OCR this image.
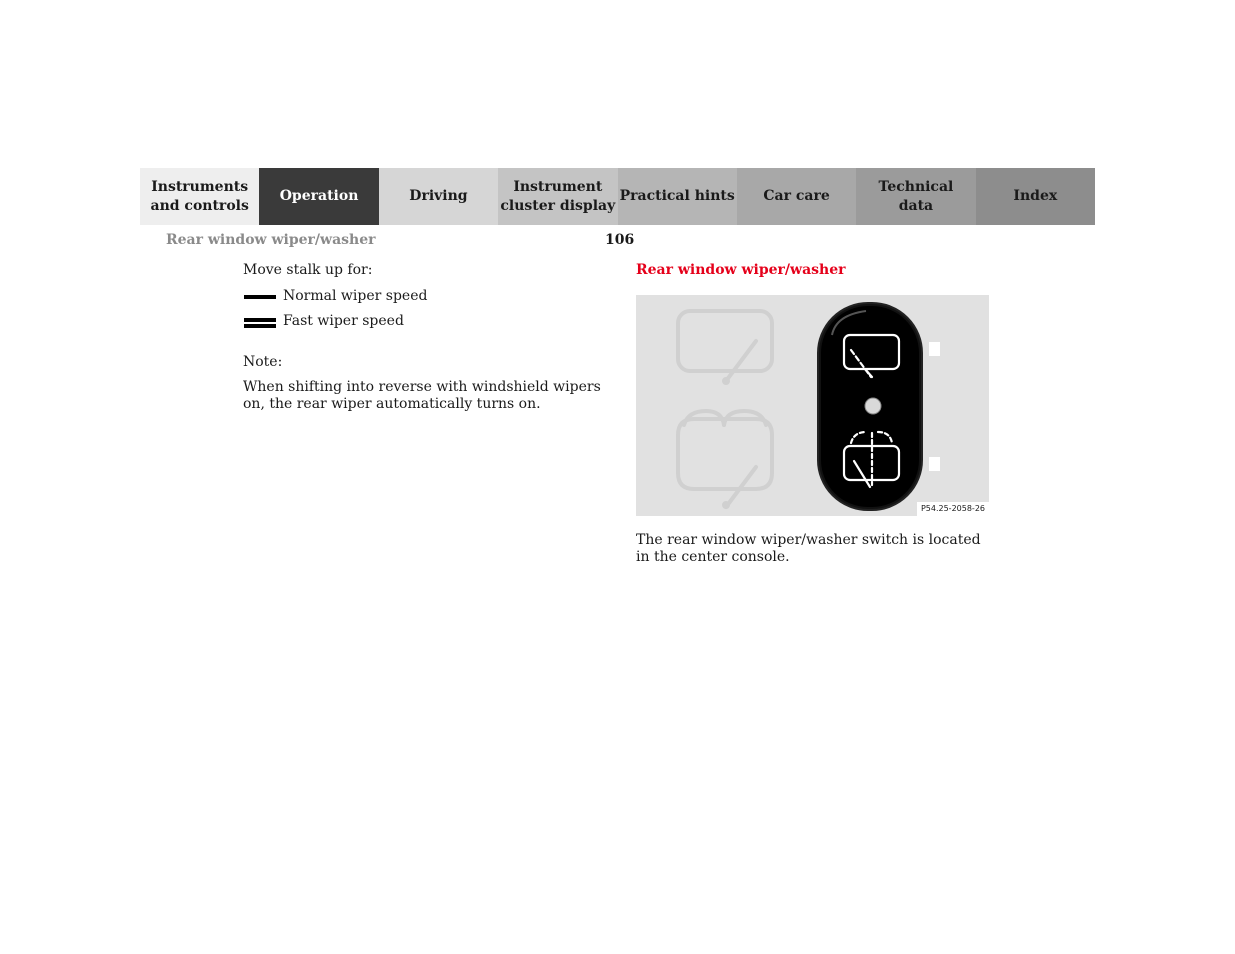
Instruments
and controls
Operation	Driving
Instrument
cluster display
Practical hints	Car care
Technical
data
Index
Rear window wiper/washer	106

Move stalk up for:

Normal wiper speed
Fast wiper speed

Note:

When shifting into reverse with windshield wipers on, the rear wiper automatically turns on.

Rear window wiper/washer
P54.25-2058-26

The rear window wiper/washer switch is located in the center console.
